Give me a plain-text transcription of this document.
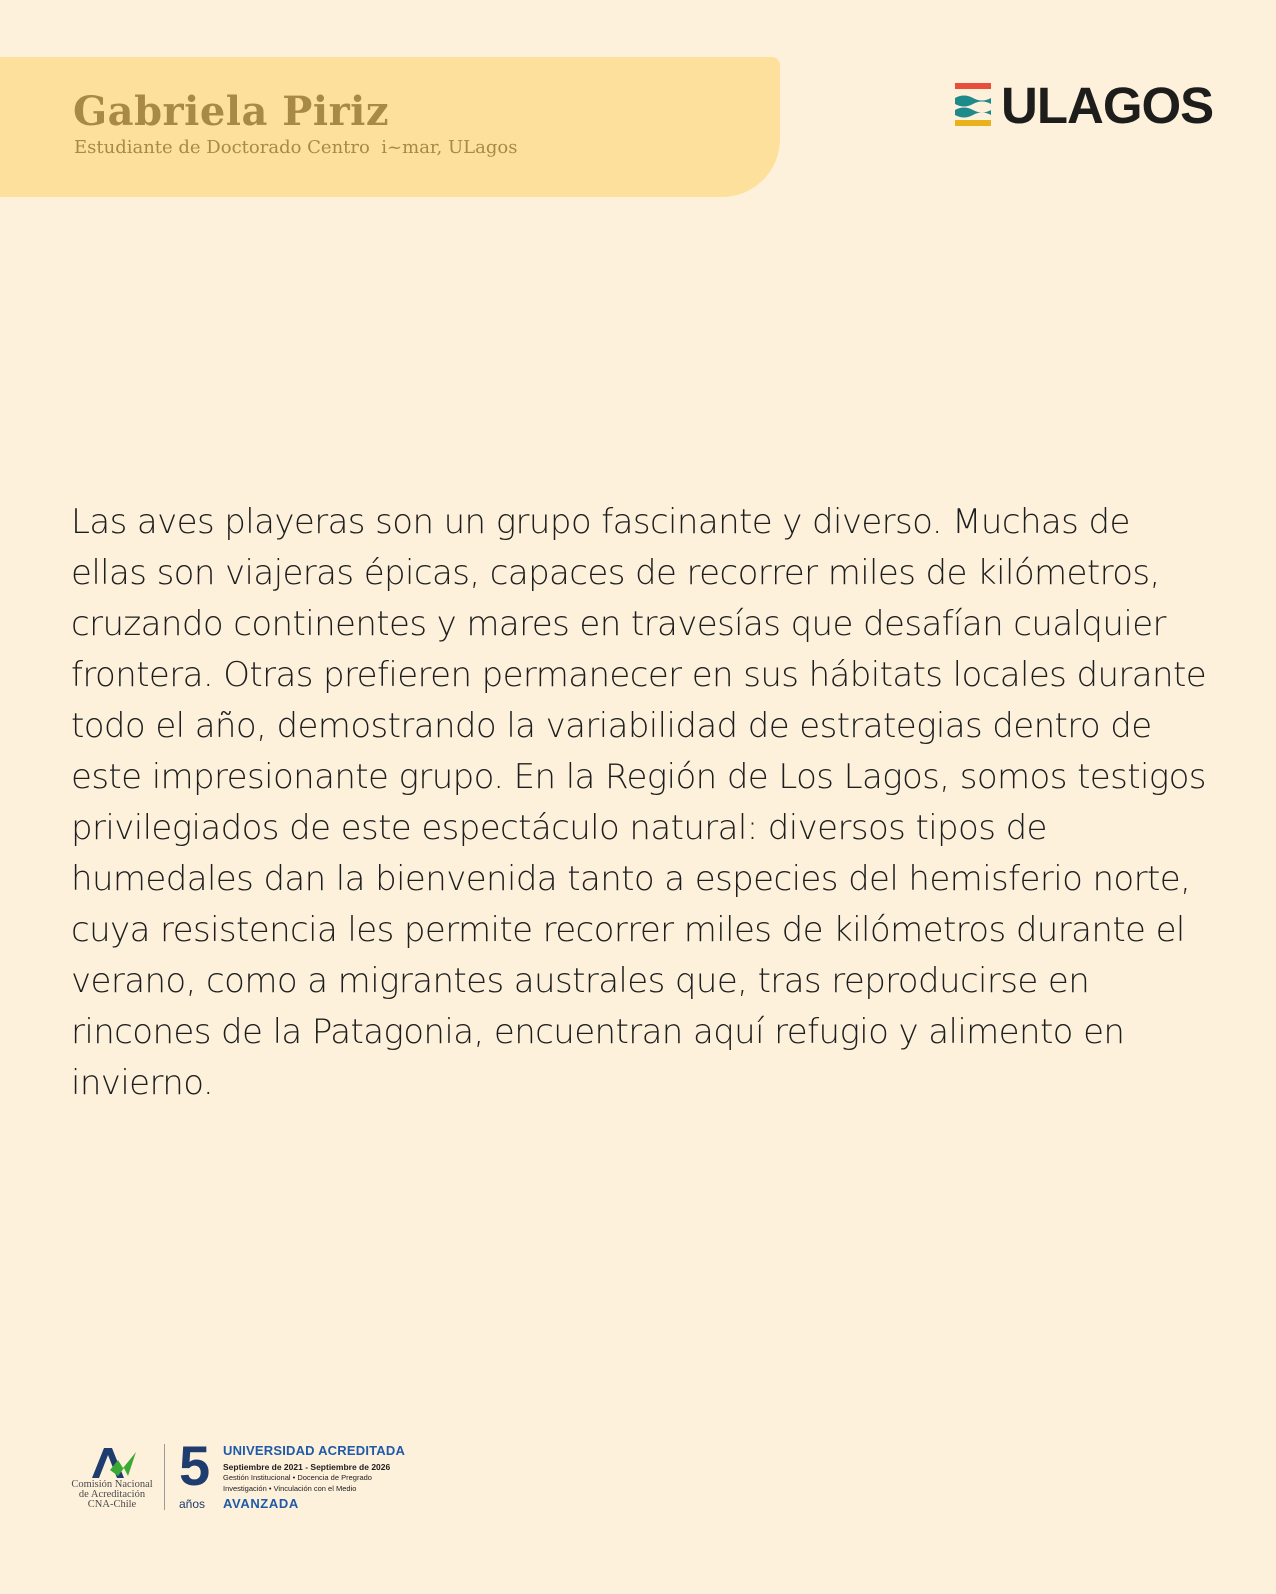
Gabriela Piriz
Estudiante de Doctorado Centro  i~mar, ULagos
ULAGOS

Las aves playeras son un grupo fascinante y diverso. Muchas de ellas son viajeras épicas, capaces de recorrer miles de kilómetros, cruzando continentes y mares en travesías que desafían cualquier frontera. Otras prefieren permanecer en sus hábitats locales durante todo el año, demostrando la variabilidad de estrategias dentro de este impresionante grupo. En la Región de Los Lagos, somos testigos privilegiados de este espectáculo natural: diversos tipos de humedales dan la bienvenida tanto a especies del hemisferio norte, cuya resistencia les permite recorrer miles de kilómetros durante el verano, como a migrantes australes que, tras reproducirse en rincones de la Patagonia, encuentran aquí refugio y alimento en invierno.

Comisión Nacional
de Acreditación
CNA-Chile
5
años
UNIVERSIDAD ACREDITADA
Septiembre de 2021 - Septiembre de 2026
Gestión Institucional • Docencia de Pregrado
Investigación • Vinculación con el Medio
AVANZADA
